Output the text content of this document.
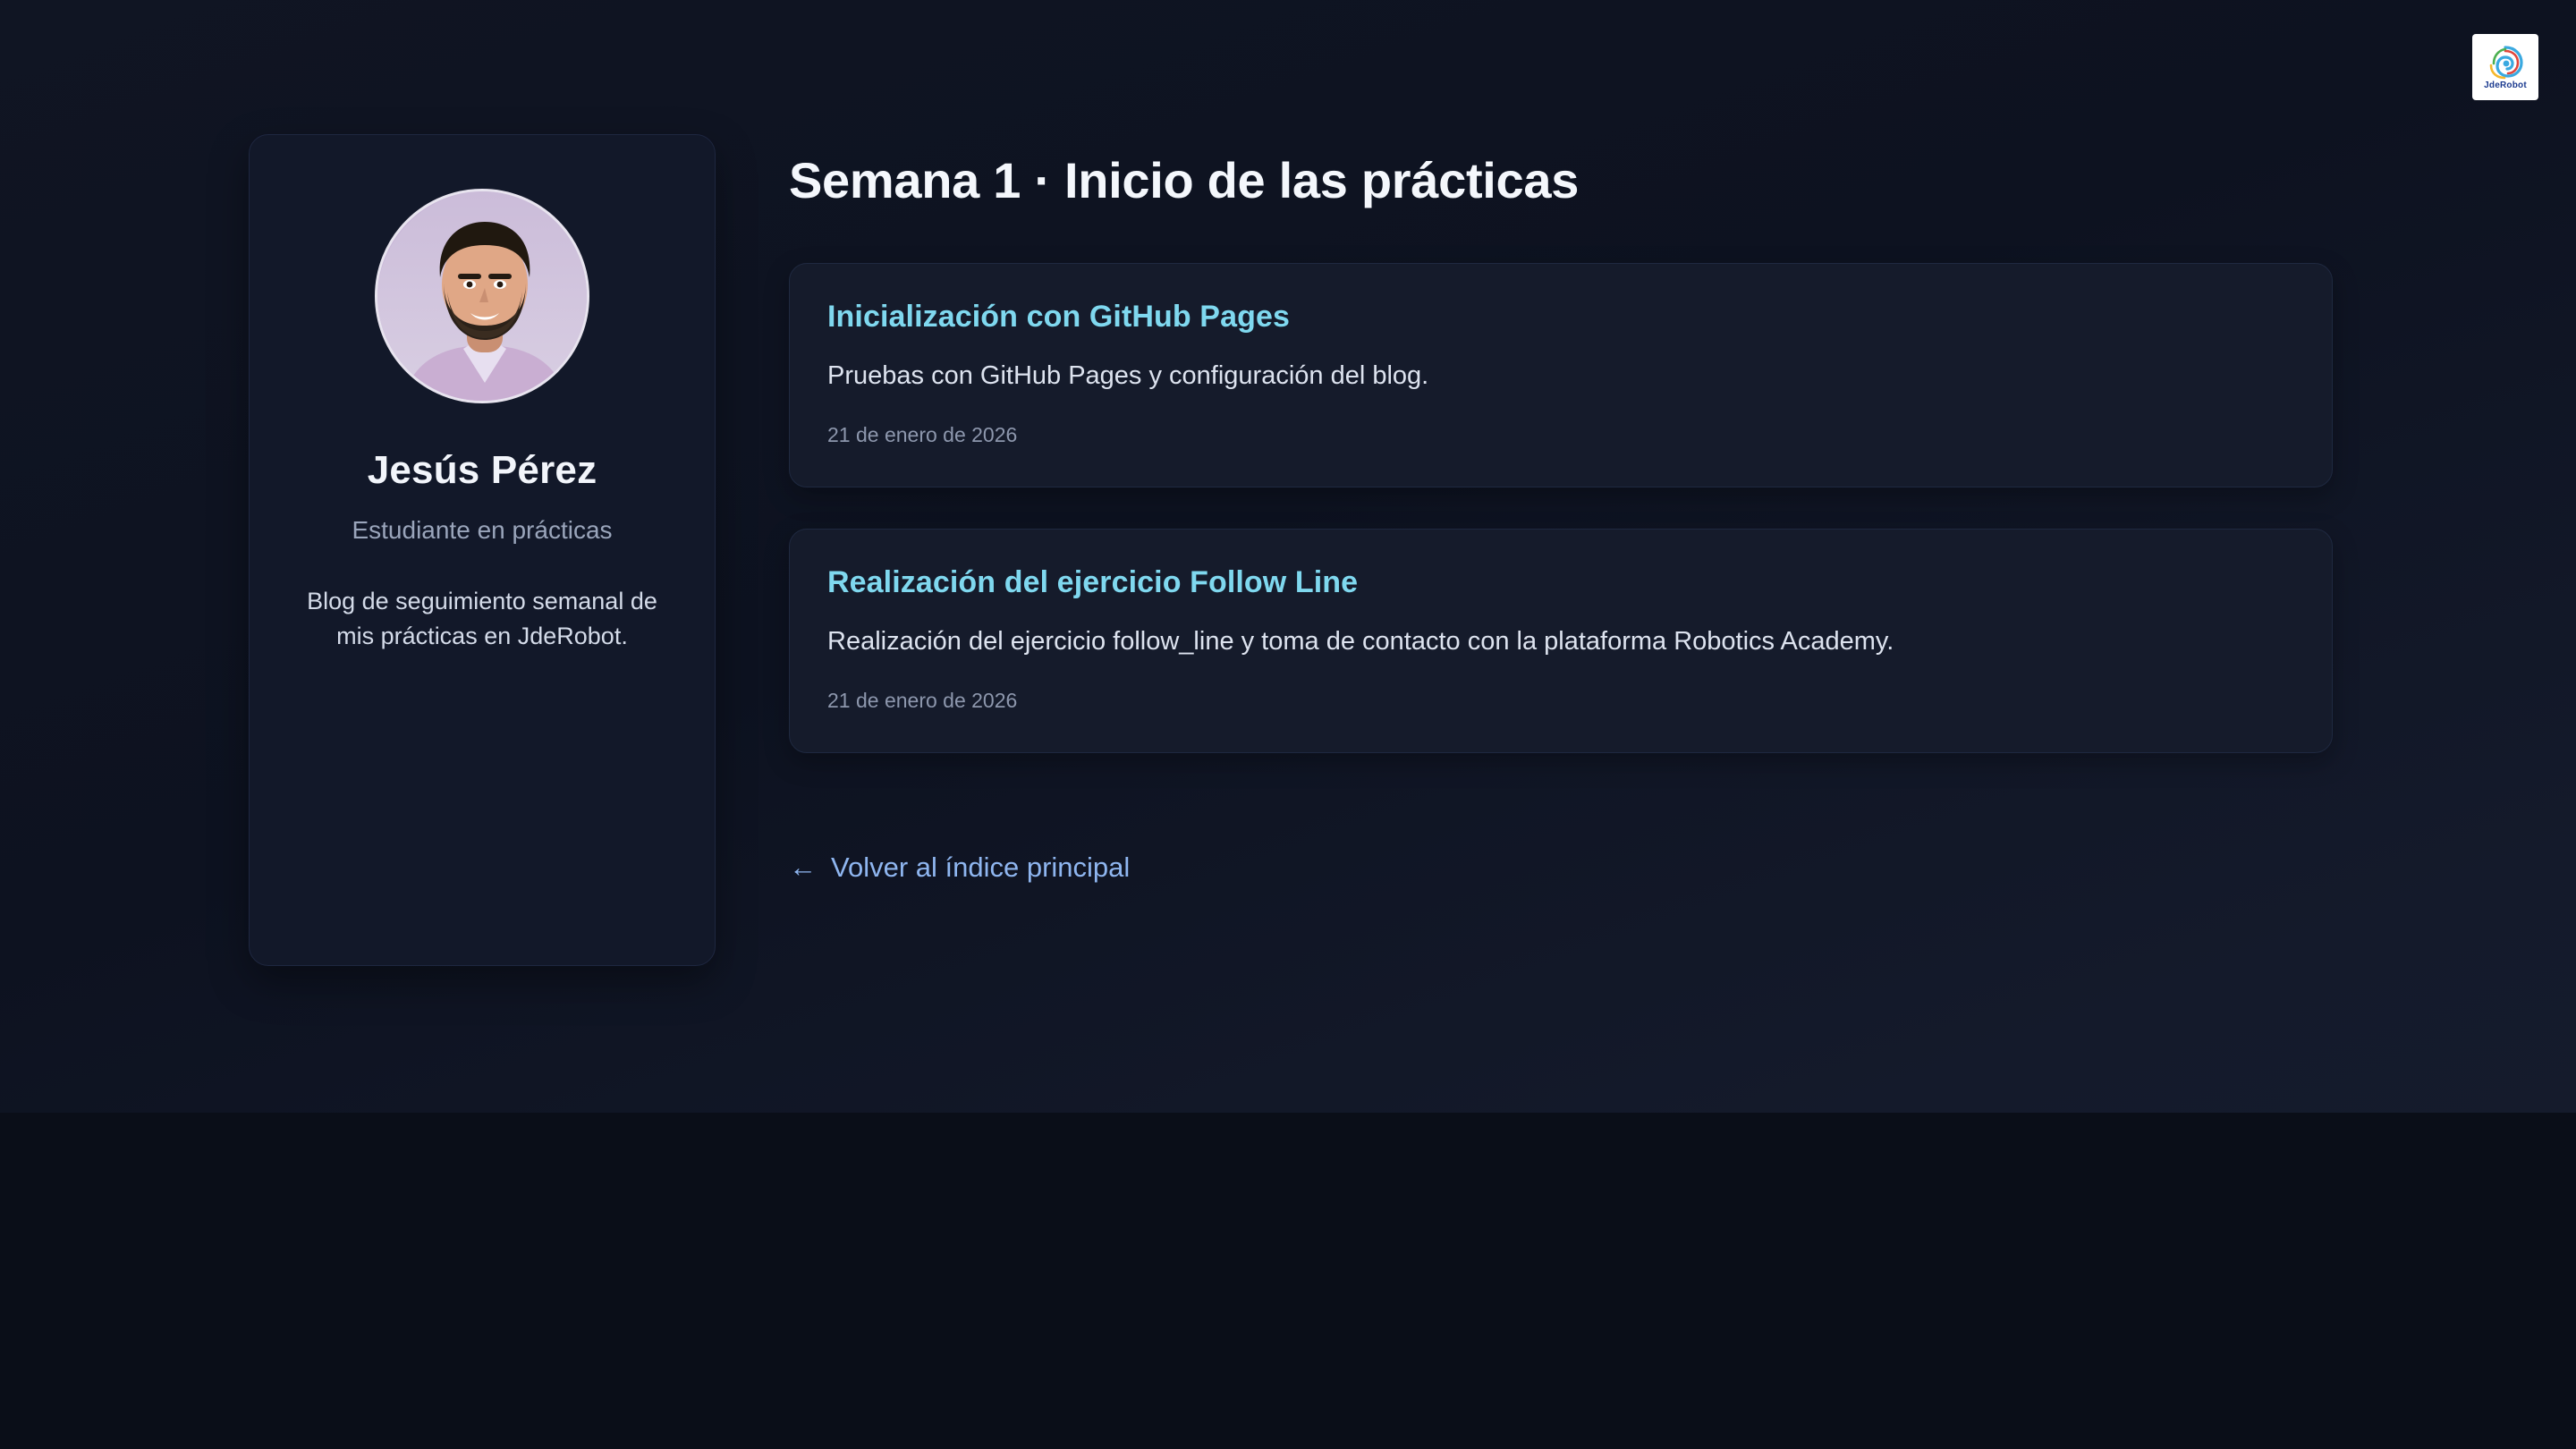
JdeRobot
Jesús Pérez
Estudiante en prácticas
Blog de seguimiento semanal de mis prácticas en JdeRobot.
Semana 1 · Inicio de las prácticas
Inicialización con GitHub Pages

Pruebas con GitHub Pages y configuración del blog.

21 de enero de 2026
Realización del ejercicio Follow Line

Realización del ejercicio follow_line y toma de contacto con la plataforma Robotics Academy.

21 de enero de 2026
← Volver al índice principal
